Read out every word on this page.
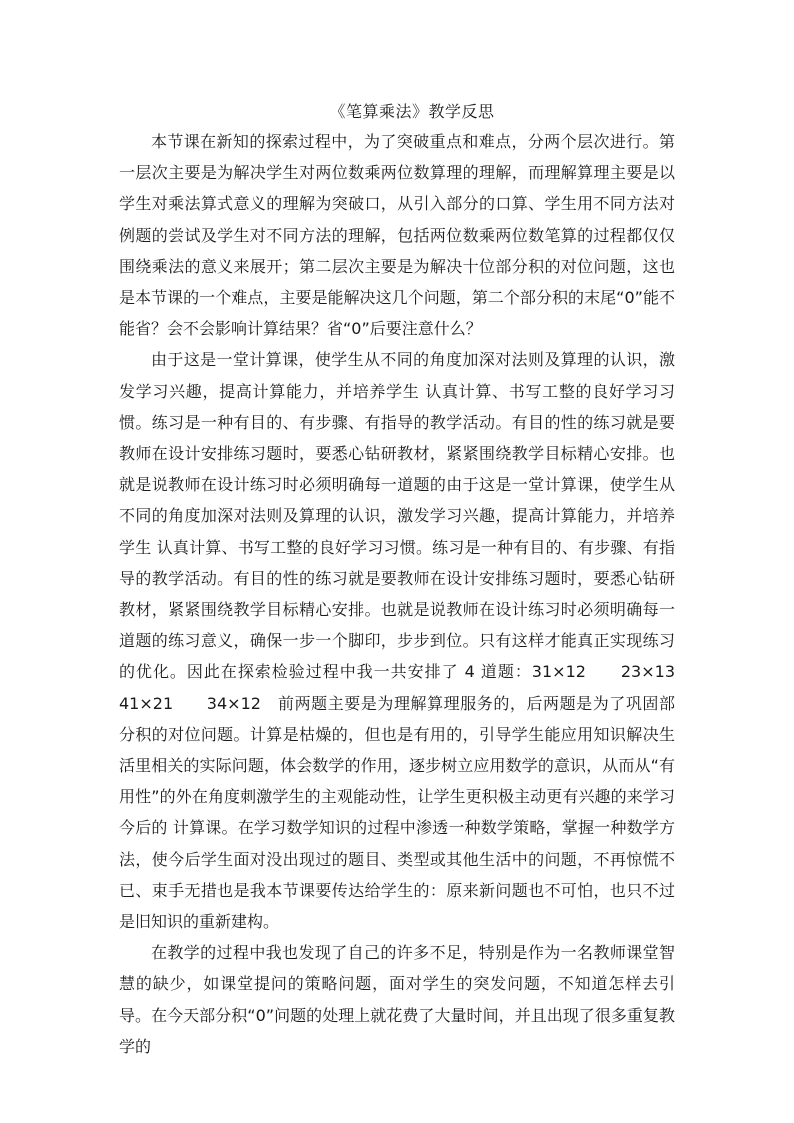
《笔算乘法》教学反思

本节课在新知的探索过程中，为了突破重点和难点，分两个层次进行。第一层次主要是为解决学生对两位数乘两位数算理的理解，而理解算理主要是以学生对乘法算式意义的理解为突破口，从引入部分的口算、学生用不同方法对例题的尝试及学生对不同方法的理解，包括两位数乘两位数笔算的过程都仅仅围绕乘法的意义来展开；第二层次主要是为解决十位部分积的对位问题，这也是本节课的一个难点，主要是能解决这几个问题，第二个部分积的末尾“0”能不能省？会不会影响计算结果？省“0”后要注意什么？

由于这是一堂计算课，使学生从不同的角度加深对法则及算理的认识，激发学习兴趣，提高计算能力，并培养学生 认真计算、书写工整的良好学习习惯。练习是一种有目的、有步骤、有指导的教学活动。有目的性的练习就是要教师在设计安排练习题时，要悉心钻研教材，紧紧围绕教学目标精心安排。也就是说教师在设计练习时必须明确每一道题的由于这是一堂计算课，使学生从不同的角度加深对法则及算理的认识，激发学习兴趣，提高计算能力，并培养学生 认真计算、书写工整的良好学习习惯。练习是一种有目的、有步骤、有指导的教学活动。有目的性的练习就是要教师在设计安排练习题时，要悉心钻研教材，紧紧围绕教学目标精心安排。也就是说教师在设计练习时必须明确每一道题的练习意义，确保一步一个脚印，步步到位。只有这样才能真正实现练习的优化。因此在探索检验过程中我一共安排了 4 道题：31×12　　23×13　　41×21　　34×12　前两题主要是为理解算理服务的，后两题是为了巩固部分积的对位问题。计算是枯燥的，但也是有用的，引导学生能应用知识解决生活里相关的实际问题，体会数学的作用，逐步树立应用数学的意识，从而从“有用性”的外在角度刺激学生的主观能动性，让学生更积极主动更有兴趣的来学习今后的 计算课。在学习数学知识的过程中渗透一种数学策略，掌握一种数学方法，使今后学生面对没出现过的题目、类型或其他生活中的问题，不再惊慌不已、束手无措也是我本节课要传达给学生的：原来新问题也不可怕，也只不过是旧知识的重新建构。

在教学的过程中我也发现了自己的许多不足，特别是作为一名教师课堂智慧的缺少，如课堂提问的策略问题，面对学生的突发问题，不知道怎样去引导。在今天部分积“0”问题的处理上就花费了大量时间，并且出现了很多重复教学的
